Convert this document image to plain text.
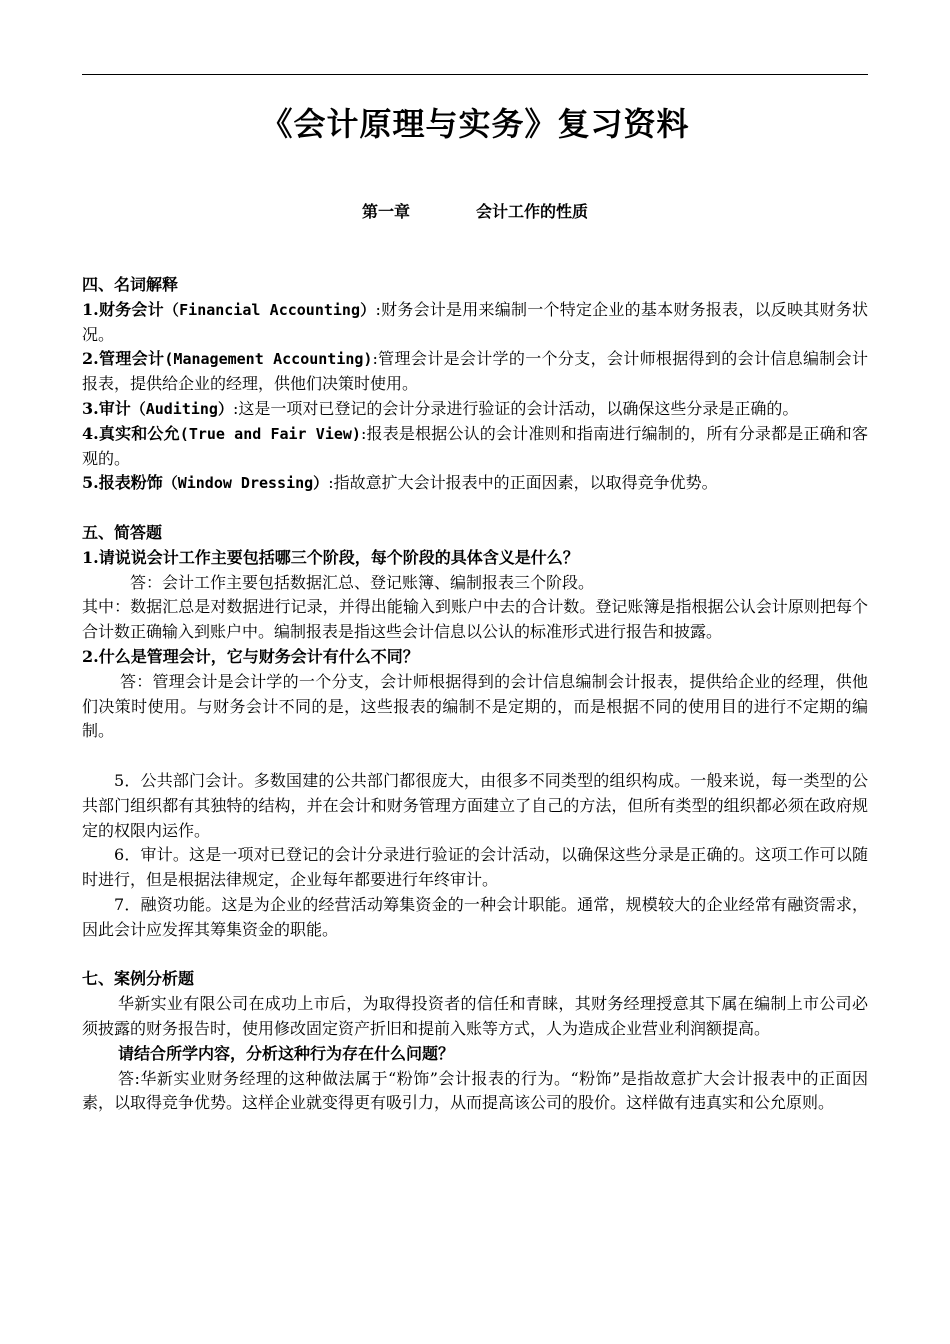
《会计原理与实务》复习资料
第一章	会计工作的性质

四、名词解释

1.财务会计（Financial Accounting）:财务会计是用来编制一个特定企业的基本财务报表，以反映其财务状况。

2.管理会计(Management Accounting):管理会计是会计学的一个分支，会计师根据得到的会计信息编制会计报表，提供给企业的经理，供他们决策时使用。

3.审计（Auditing）:这是一项对已登记的会计分录进行验证的会计活动，以确保这些分录是正确的。

4.真实和公允(True and Fair View):报表是根据公认的会计准则和指南进行编制的，所有分录都是正确和客观的。

5.报表粉饰（Window Dressing）:指故意扩大会计报表中的正面因素，以取得竞争优势。

五、简答题

1.请说说会计工作主要包括哪三个阶段，每个阶段的具体含义是什么？

答：会计工作主要包括数据汇总、登记账簿、编制报表三个阶段。

其中：数据汇总是对数据进行记录，并得出能输入到账户中去的合计数。登记账簿是指根据公认会计原则把每个合计数正确输入到账户中。编制报表是指这些会计信息以公认的标准形式进行报告和披露。

2.什么是管理会计，它与财务会计有什么不同？

答：管理会计是会计学的一个分支，会计师根据得到的会计信息编制会计报表，提供给企业的经理，供他们决策时使用。与财务会计不同的是，这些报表的编制不是定期的，而是根据不同的使用目的进行不定期的编制。

5．公共部门会计。多数国建的公共部门都很庞大，由很多不同类型的组织构成。一般来说，每一类型的公共部门组织都有其独特的结构，并在会计和财务管理方面建立了自己的方法，但所有类型的组织都必须在政府规定的权限内运作。

6．审计。这是一项对已登记的会计分录进行验证的会计活动，以确保这些分录是正确的。这项工作可以随时进行，但是根据法律规定，企业每年都要进行年终审计。

7．融资功能。这是为企业的经营活动筹集资金的一种会计职能。通常，规模较大的企业经常有融资需求，因此会计应发挥其筹集资金的职能。

七、案例分析题

华新实业有限公司在成功上市后，为取得投资者的信任和青睐，其财务经理授意其下属在编制上市公司必须披露的财务报告时，使用修改固定资产折旧和提前入账等方式，人为造成企业营业利润额提高。

请结合所学内容，分析这种行为存在什么问题？

答:华新实业财务经理的这种做法属于“粉饰”会计报表的行为。“粉饰”是指故意扩大会计报表中的正面因素，以取得竞争优势。这样企业就变得更有吸引力，从而提高该公司的股价。这样做有违真实和公允原则。
